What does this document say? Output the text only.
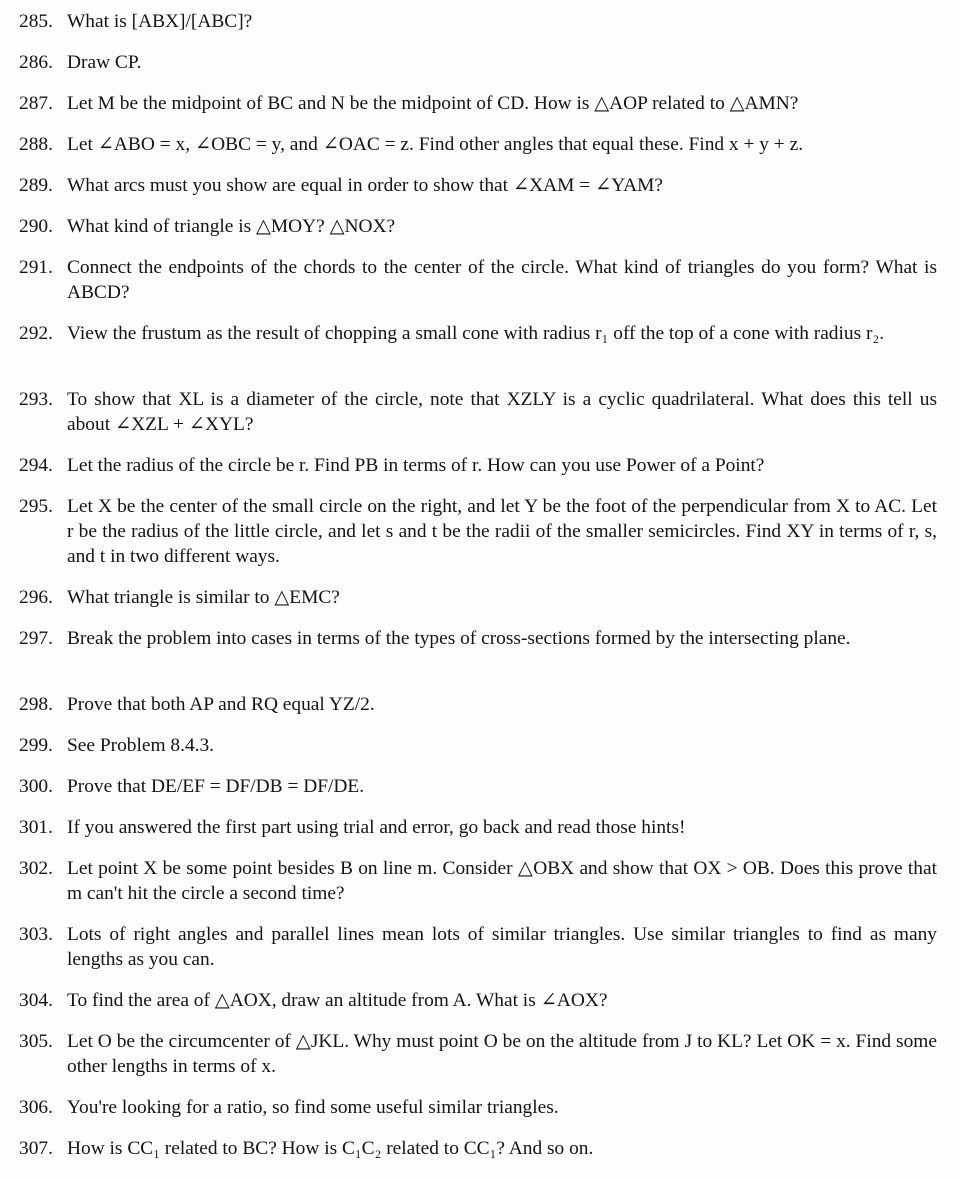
285. What is [ABX]/[ABC]?
286. Draw CP.
287. Let M be the midpoint of BC and N be the midpoint of CD. How is △AOP related to △AMN?
288. Let ∠ABO = x, ∠OBC = y, and ∠OAC = z. Find other angles that equal these. Find x + y + z.
289. What arcs must you show are equal in order to show that ∠XAM = ∠YAM?
290. What kind of triangle is △MOY? △NOX?
291. Connect the endpoints of the chords to the center of the circle. What kind of triangles do you form? What is ABCD?
292. View the frustum as the result of chopping a small cone with radius r₁ off the top of a cone with radius r₂.
293. To show that XL is a diameter of the circle, note that XZLY is a cyclic quadrilateral. What does this tell us about ∠XZL + ∠XYL?
294. Let the radius of the circle be r. Find PB in terms of r. How can you use Power of a Point?
295. Let X be the center of the small circle on the right, and let Y be the foot of the perpendicular from X to AC. Let r be the radius of the little circle, and let s and t be the radii of the smaller semicircles. Find XY in terms of r, s, and t in two different ways.
296. What triangle is similar to △EMC?
297. Break the problem into cases in terms of the types of cross-sections formed by the intersecting plane.
298. Prove that both AP and RQ equal YZ/2.
299. See Problem 8.4.3.
300. Prove that DE/EF = DF/DB = DF/DE.
301. If you answered the first part using trial and error, go back and read those hints!
302. Let point X be some point besides B on line m. Consider △OBX and show that OX > OB. Does this prove that m can't hit the circle a second time?
303. Lots of right angles and parallel lines mean lots of similar triangles. Use similar triangles to find as many lengths as you can.
304. To find the area of △AOX, draw an altitude from A. What is ∠AOX?
305. Let O be the circumcenter of △JKL. Why must point O be on the altitude from J to KL? Let OK = x. Find some other lengths in terms of x.
306. You're looking for a ratio, so find some useful similar triangles.
307. How is CC₁ related to BC? How is C₁C₂ related to CC₁? And so on.
